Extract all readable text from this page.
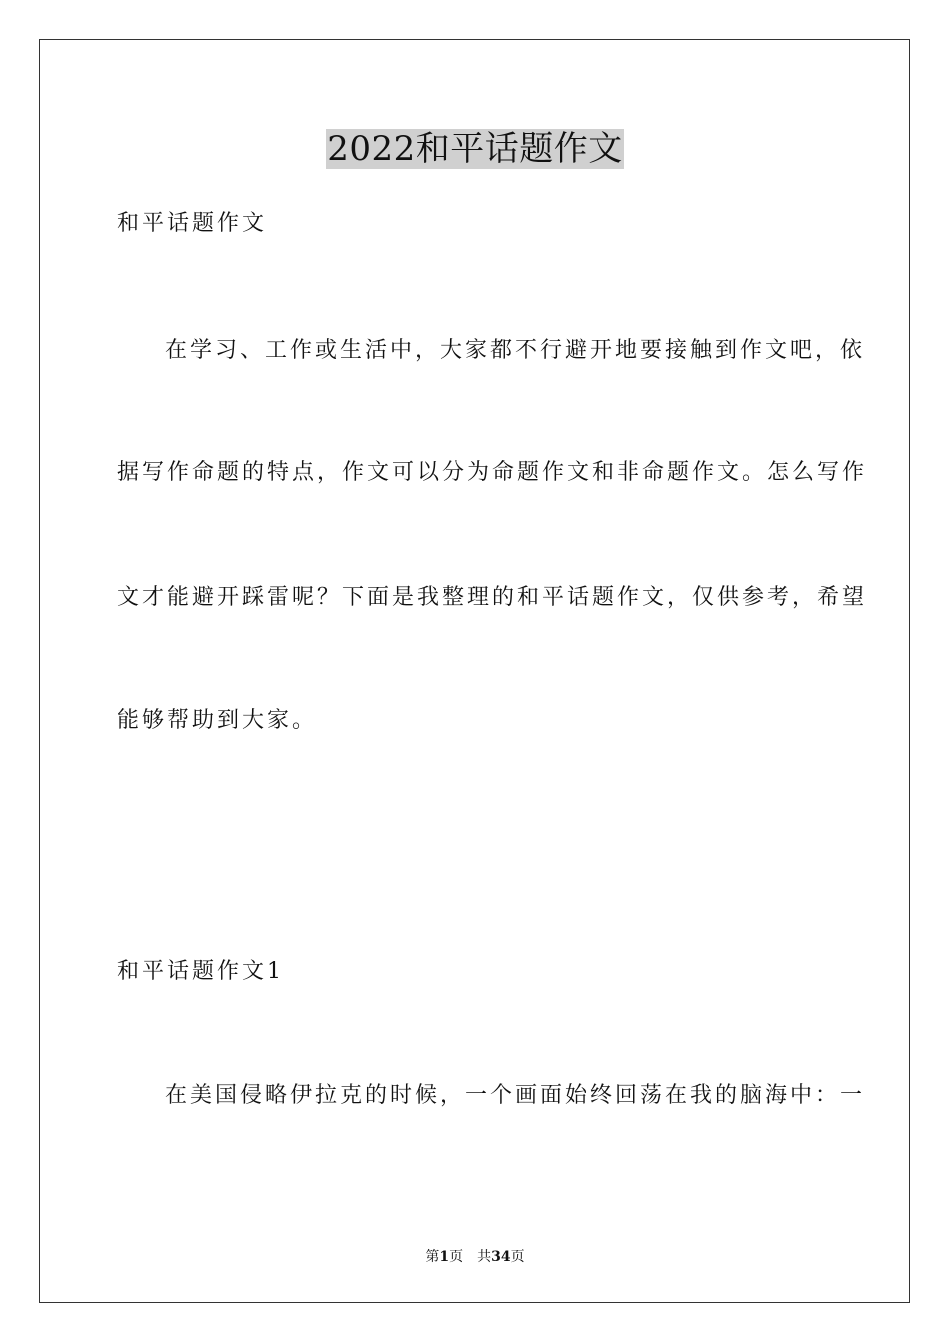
2022和平话题作文
和平话题作文
在学习、工作或生活中，大家都不行避开地要接触到作文吧，依
据写作命题的特点，作文可以分为命题作文和非命题作文。怎么写作
文才能避开踩雷呢？下面是我整理的和平话题作文，仅供参考，希望
能够帮助到大家。
和平话题作文1
在美国侵略伊拉克的时候，一个画面始终回荡在我的脑海中：一
第1页 共34页
